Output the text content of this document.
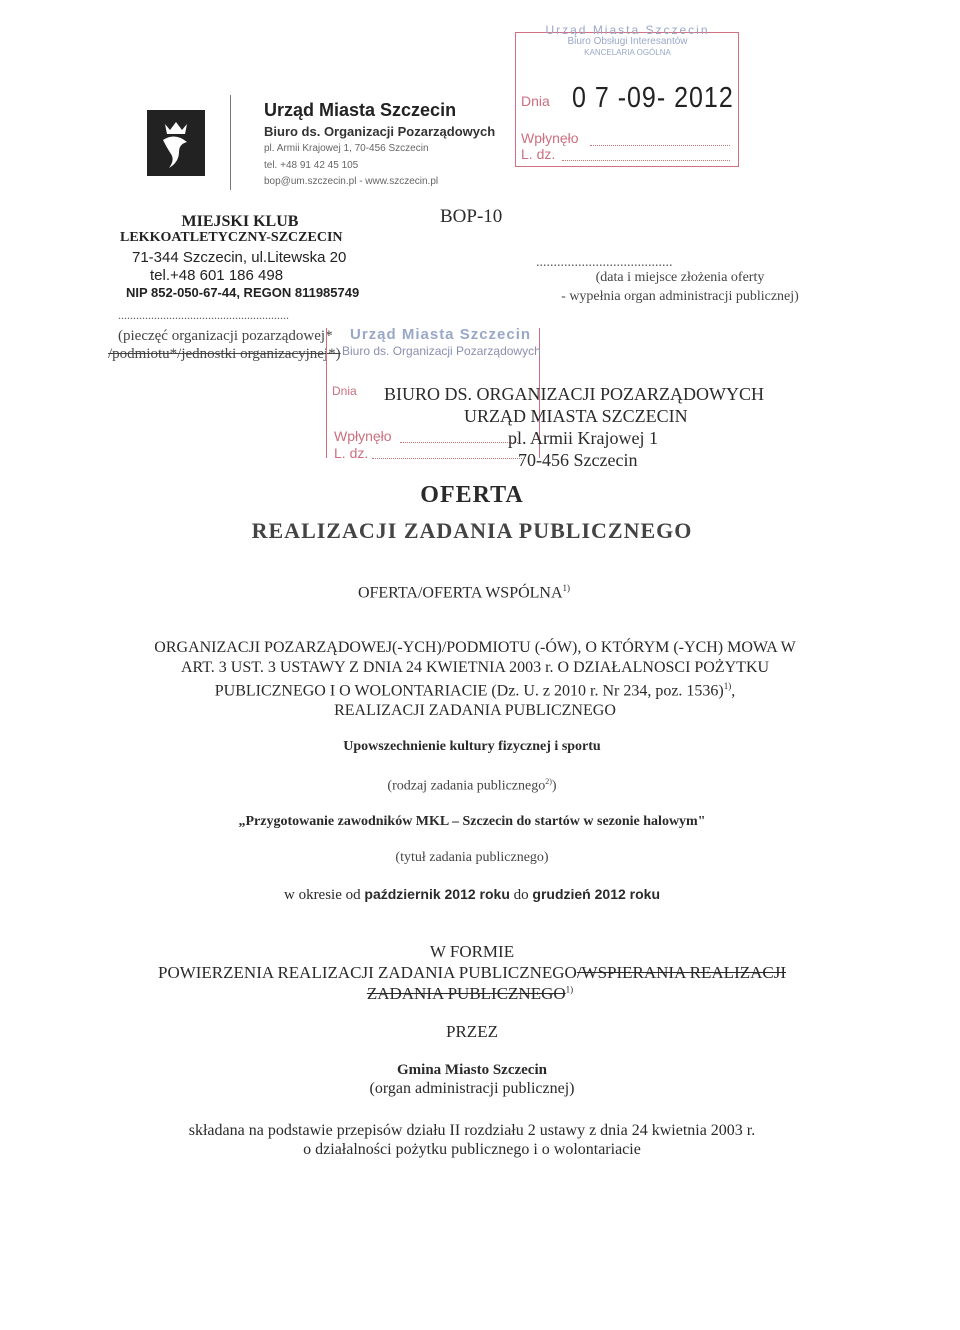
Urząd Miasta Szczecin
Biuro ds. Organizacji Pozarządowych
pl. Armii Krajowej 1, 70-456 Szczecin
tel. +48 91 42 45 105
bop@um.szczecin.pl - www.szczecin.pl
Urząd Miasta Szczecin
Biuro Obsługi Interesantów
KANCELARIA OGÓLNA
Dnia 0 7 -09- 2012
Wpłynęło
L. dz.
BOP-10
MIEJSKI KLUB
LEKKOATLETYCZNY-SZCZECIN
71-344 Szczecin, ul.Litewska 20
tel.+48 601 186 498
NIP 852-050-67-44, REGON 811985749
.......................................
(data i miejsce złożenia oferty
- wypełnia organ administracji publicznej)
.........................................................
(pieczęć organizacji pozarządowej*
/podmiotu*/jednostki organizacyjnej*)
Urząd Miasta Szczecin
Biuro ds. Organizacji Pozarządowych
Dnia
Wpłynęło
L. dz.
BIURO DS. ORGANIZACJI POZARZĄDOWYCH
URZĄD MIASTA SZCZECIN
pl. Armii Krajowej 1
70-456 Szczecin
OFERTA
REALIZACJI ZADANIA PUBLICZNEGO
OFERTA/OFERTA WSPÓLNA$^{1)}$
ORGANIZACJI POZARZĄDOWEJ(-YCH)/PODMIOTU (-ÓW), O KTÓRYM (-YCH) MOWA W
ART. 3 UST. 3 USTAWY Z DNIA 24 KWIETNIA 2003 r. O DZIAŁALNOSCI POŻYTKU
PUBLICZNEGO I O WOLONTARIACIE (Dz. U. z 2010 r. Nr 234, poz. 1536)$^{1)}$,
REALIZACJI ZADANIA PUBLICZNEGO
Upowszechnienie kultury fizycznej i sportu
(rodzaj zadania publicznego$^{2)}$)
„Przygotowanie zawodników MKL – Szczecin do startów w sezonie halowym"
(tytuł zadania publicznego)
w okresie od październik 2012 roku do grudzień 2012 roku
W FORMIE
POWIERZENIA REALIZACJI ZADANIA PUBLICZNEGO/WSPIERANIA REALIZACJI
ZADANIA PUBLICZNEGO$^{1)}$
PRZEZ
Gmina Miasto Szczecin
(organ administracji publicznej)
składana na podstawie przepisów działu II rozdziału 2 ustawy z dnia 24 kwietnia 2003 r.
o działalności pożytku publicznego i o wolontariacie
